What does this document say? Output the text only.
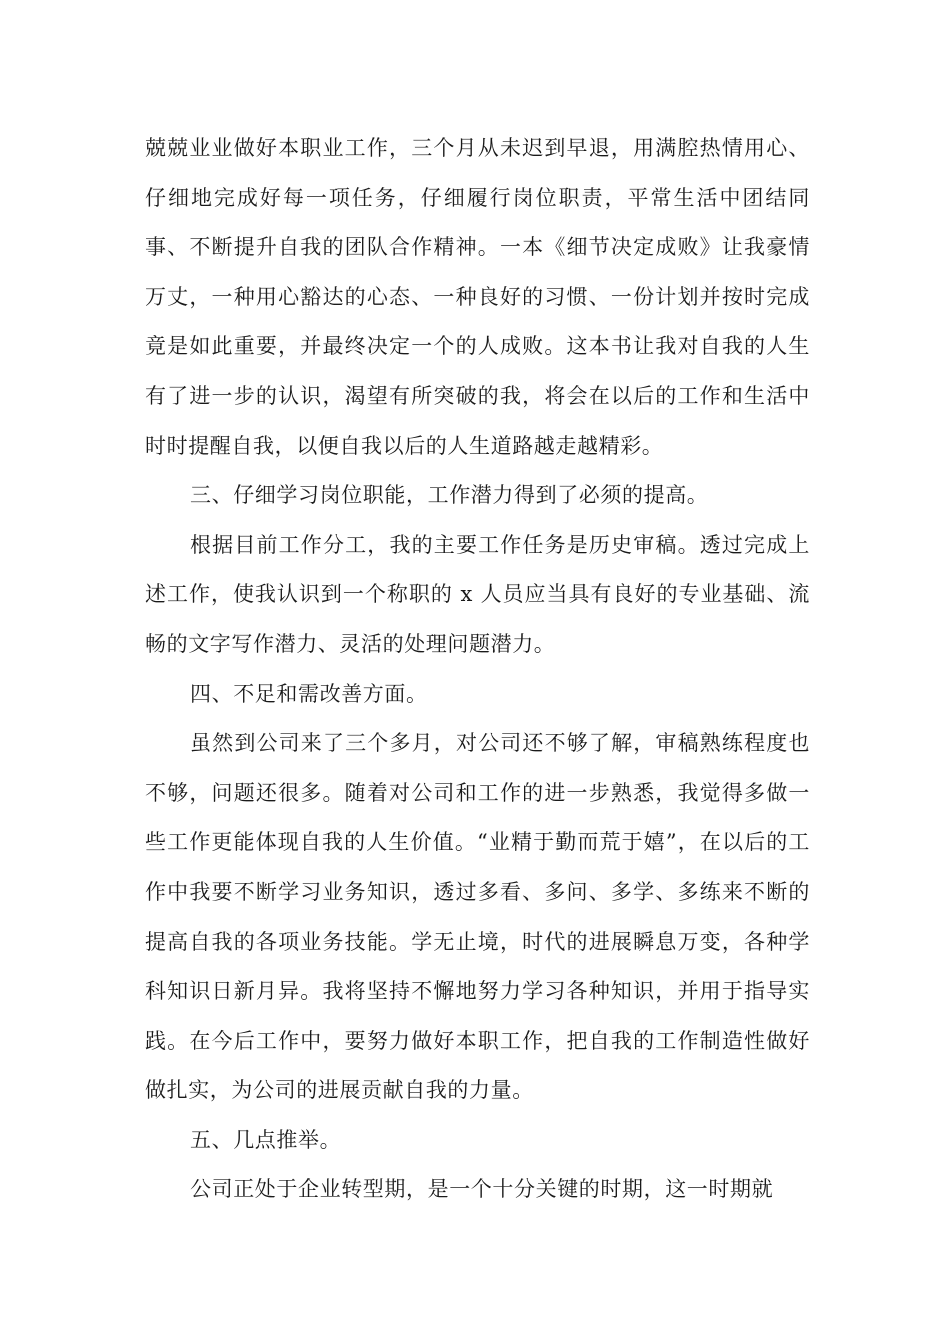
兢兢业业做好本职业工作，三个月从未迟到早退，用满腔热情用心、仔细地完成好每一项任务，仔细履行岗位职责，平常生活中团结同事、不断提升自我的团队合作精神。一本《细节决定成败》让我豪情万丈，一种用心豁达的心态、一种良好的习惯、一份计划并按时完成竟是如此重要，并最终决定一个的人成败。这本书让我对自我的人生有了进一步的认识，渴望有所突破的我，将会在以后的工作和生活中时时提醒自我，以便自我以后的人生道路越走越精彩。

三、仔细学习岗位职能，工作潜力得到了必须的提高。

根据目前工作分工，我的主要工作任务是历史审稿。透过完成上述工作，使我认识到一个称职的 x 人员应当具有良好的专业基础、流畅的文字写作潜力、灵活的处理问题潜力。

四、不足和需改善方面。

虽然到公司来了三个多月，对公司还不够了解，审稿熟练程度也不够，问题还很多。随着对公司和工作的进一步熟悉，我觉得多做一些工作更能体现自我的人生价值。“业精于勤而荒于嬉”，在以后的工作中我要不断学习业务知识，透过多看、多问、多学、多练来不断的提高自我的各项业务技能。学无止境，时代的进展瞬息万变，各种学科知识日新月异。我将坚持不懈地努力学习各种知识，并用于指导实践。在今后工作中，要努力做好本职工作，把自我的工作制造性做好做扎实，为公司的进展贡献自我的力量。

五、几点推举。

公司正处于企业转型期，是一个十分关键的时期，这一时期就
